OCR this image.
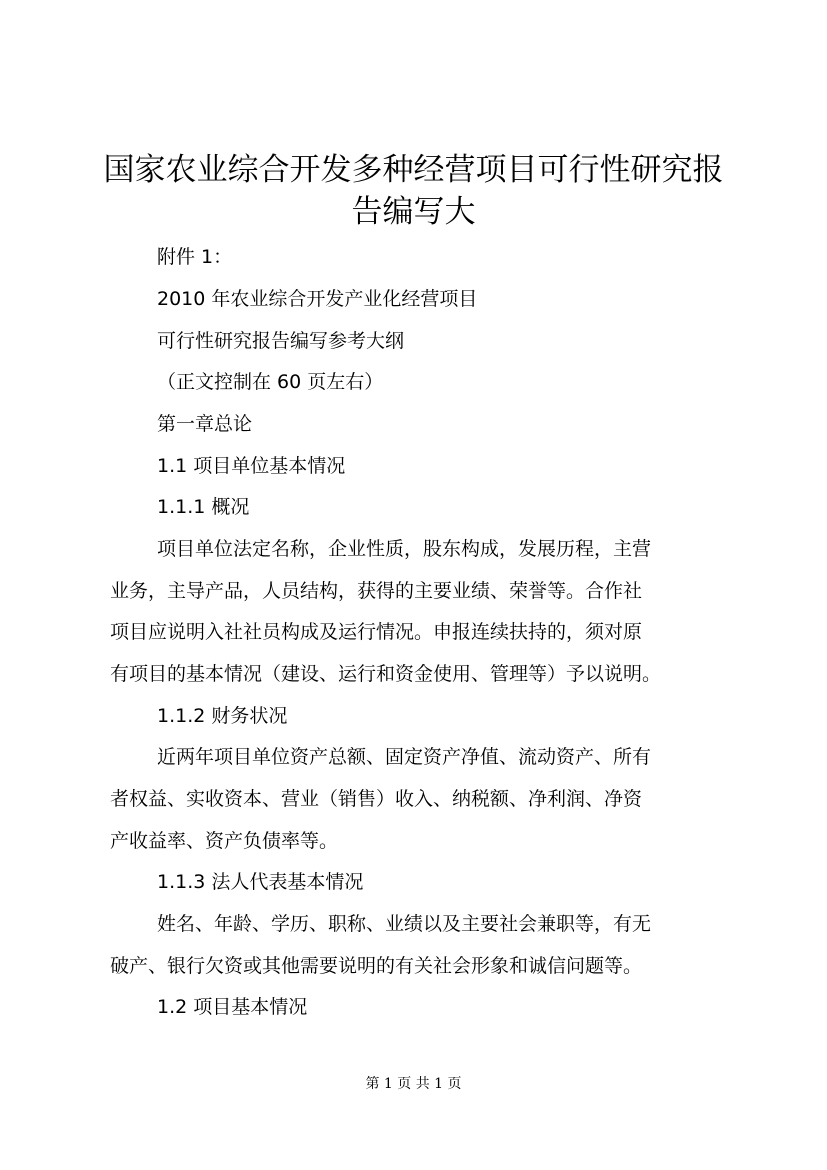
国家农业综合开发多种经营项目可行性研究报
告编写大
附件 1：
2010 年农业综合开发产业化经营项目
可行性研究报告编写参考大纲
（正文控制在 60 页左右）
第一章总论
1.1 项目单位基本情况
1.1.1 概况
项目单位法定名称，企业性质，股东构成，发展历程，主营
业务，主导产品，人员结构，获得的主要业绩、荣誉等。合作社
项目应说明入社社员构成及运行情况。申报连续扶持的，须对原
有项目的基本情况（建设、运行和资金使用、管理等）予以说明。
1.1.2 财务状况
近两年项目单位资产总额、固定资产净值、流动资产、所有
者权益、实收资本、营业（销售）收入、纳税额、净利润、净资
产收益率、资产负债率等。
1.1.3 法人代表基本情况
姓名、年龄、学历、职称、业绩以及主要社会兼职等，有无
破产、银行欠资或其他需要说明的有关社会形象和诚信问题等。
1.2 项目基本情况
第 1 页 共 1 页
